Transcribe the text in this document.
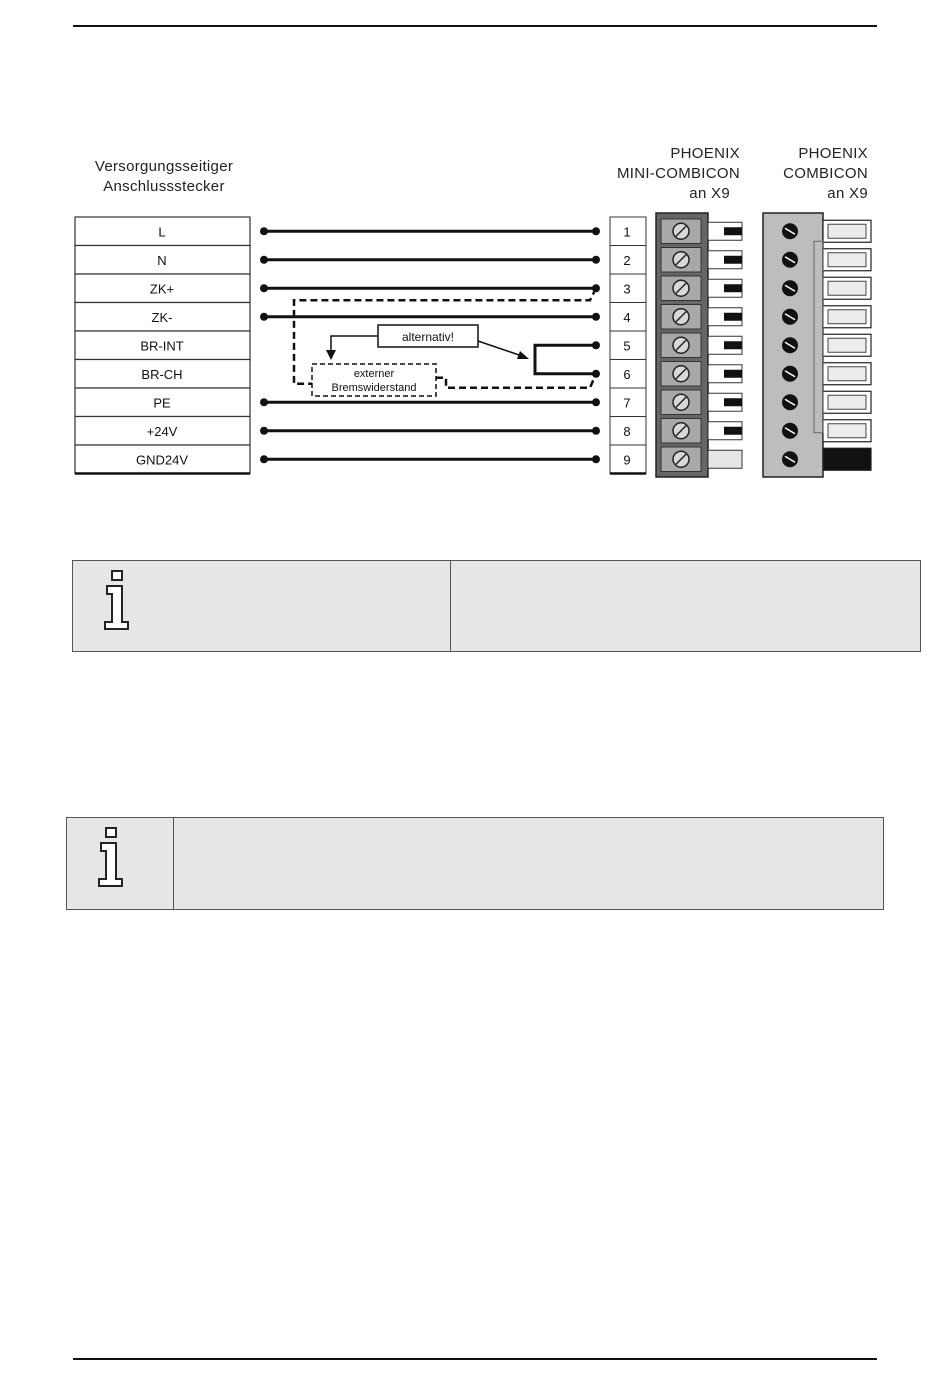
Versorgungsseitiger
Anschlussstecker
PHOENIX
MINI-COMBICON
an X9
PHOENIX
COMBICON
an X9
L
N
ZK+
ZK-
BR-INT
BR-CH
PE
+24V
GND24V
1
2
3
4
5
6
7
8
9
alternativ!
externer
Bremswiderstand
